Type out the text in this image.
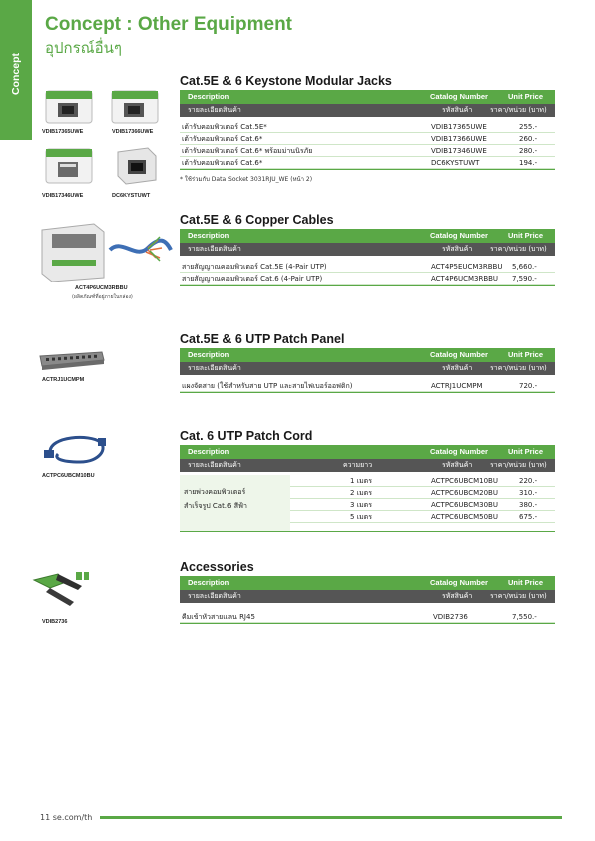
Concept
Concept : Other Equipment
อุปกรณ์อื่นๆ
VDIB17365UWE	VDIB17366UWE
VDIB17346UWE	DC6KYSTUWT
ACT4P6UCM3RBBU
(ผลิตภัณฑ์ที่อยู่ภายในกล่อง)
ACTRJ1UCMPM
ACTPC6UBCM10BU
VDIB2736
Cat.5E & 6 Keystone Modular Jacks
Description	Catalog Number	Unit Price
รายละเอียดสินค้า	รหัสสินค้า	ราคา/หน่วย (บาท)
เต้ารับคอมพิวเตอร์ Cat.5E*	VDIB17365UWE	255.-
เต้ารับคอมพิวเตอร์ Cat.6*	VDIB17366UWE	260.-
เต้ารับคอมพิวเตอร์ Cat.6* พร้อมม่านนิรภัย	VDIB17346UWE	280.-
เต้ารับคอมพิวเตอร์ Cat.6*	DC6KYSTUWT	194.-
* ใช้ร่วมกับ Data Socket 3031RJU_WE (หน้า 2)
Cat.5E & 6 Copper Cables
Description	Catalog Number	Unit Price
รายละเอียดสินค้า	รหัสสินค้า	ราคา/หน่วย (บาท)
สายสัญญาณคอมพิวเตอร์ Cat.5E (4-Pair UTP)	ACT4P5EUCM3RBBU 5,660.-
สายสัญญาณคอมพิวเตอร์ Cat.6 (4-Pair UTP)	ACT4P6UCM3RBBU 7,590.-
Cat.5E & 6 UTP Patch Panel
Description	Catalog Number	Unit Price
รายละเอียดสินค้า	รหัสสินค้า	ราคา/หน่วย (บาท)
แผงจัดสาย (ใช้สำหรับสาย UTP และสายไฟเบอร์ออฟติก)	ACTRJ1UCMPM	720.-
Cat. 6 UTP Patch Cord
Description	Catalog Number	Unit Price
รายละเอียดสินค้า	ความยาว	รหัสสินค้า	ราคา/หน่วย (บาท)
สายพ่วงคอมพิวเตอร์
สำเร็จรูป Cat.6 สีฟ้า
1 เมตร	ACTPC6UBCM10BU	220.-
2 เมตร	ACTPC6UBCM20BU	310.-
3 เมตร	ACTPC6UBCM30BU	380.-
5 เมตร	ACTPC6UBCM50BU	675.-
Accessories
Description	Catalog Number	Unit Price
รายละเอียดสินค้า	รหัสสินค้า	ราคา/หน่วย (บาท)
คีมเข้าหัวสายแลน RJ45	VDIB2736	7,550.-
11 se.com/th
